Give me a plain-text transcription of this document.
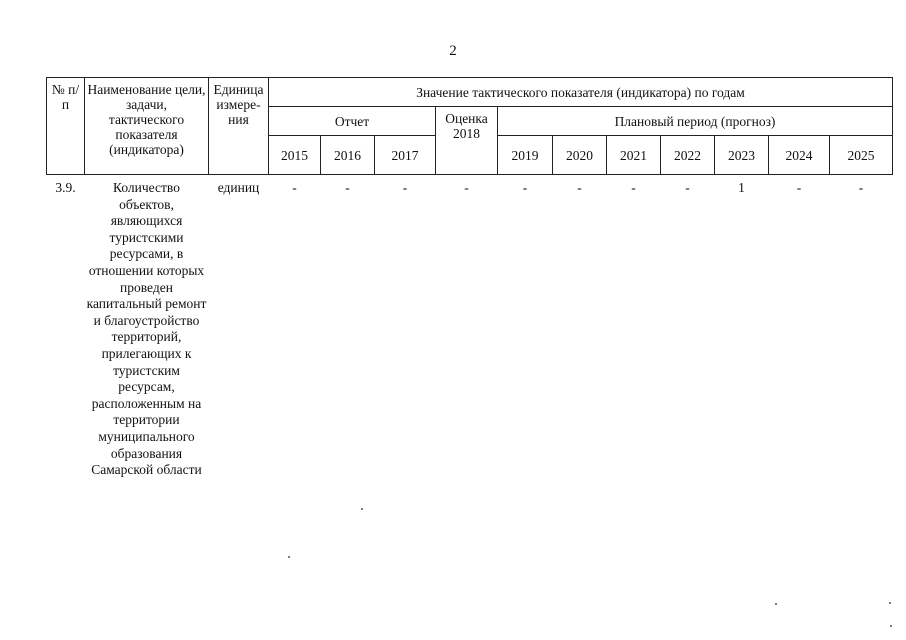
2
№ п/п	Наименование цели, задачи, тактического показателя (индикатора)	Единица измере-ния	Значение тактического показателя (индикатора) по годам										
			Отчет			Оценка 2018	Плановый период (прогноз)						
			2015	2016	2017		2019	2020	2021	2022	2023	2024	2025
3.9.	Количество объектов, являющихся туристскими ресурсами, в отношении которых проведен капитальный ремонт и благоустройство территорий, прилегающих к туристским ресурсам, расположенным на территории муниципального образования Самарской области	единиц	-	-	-	-	-	-	-	-	1	-	-
